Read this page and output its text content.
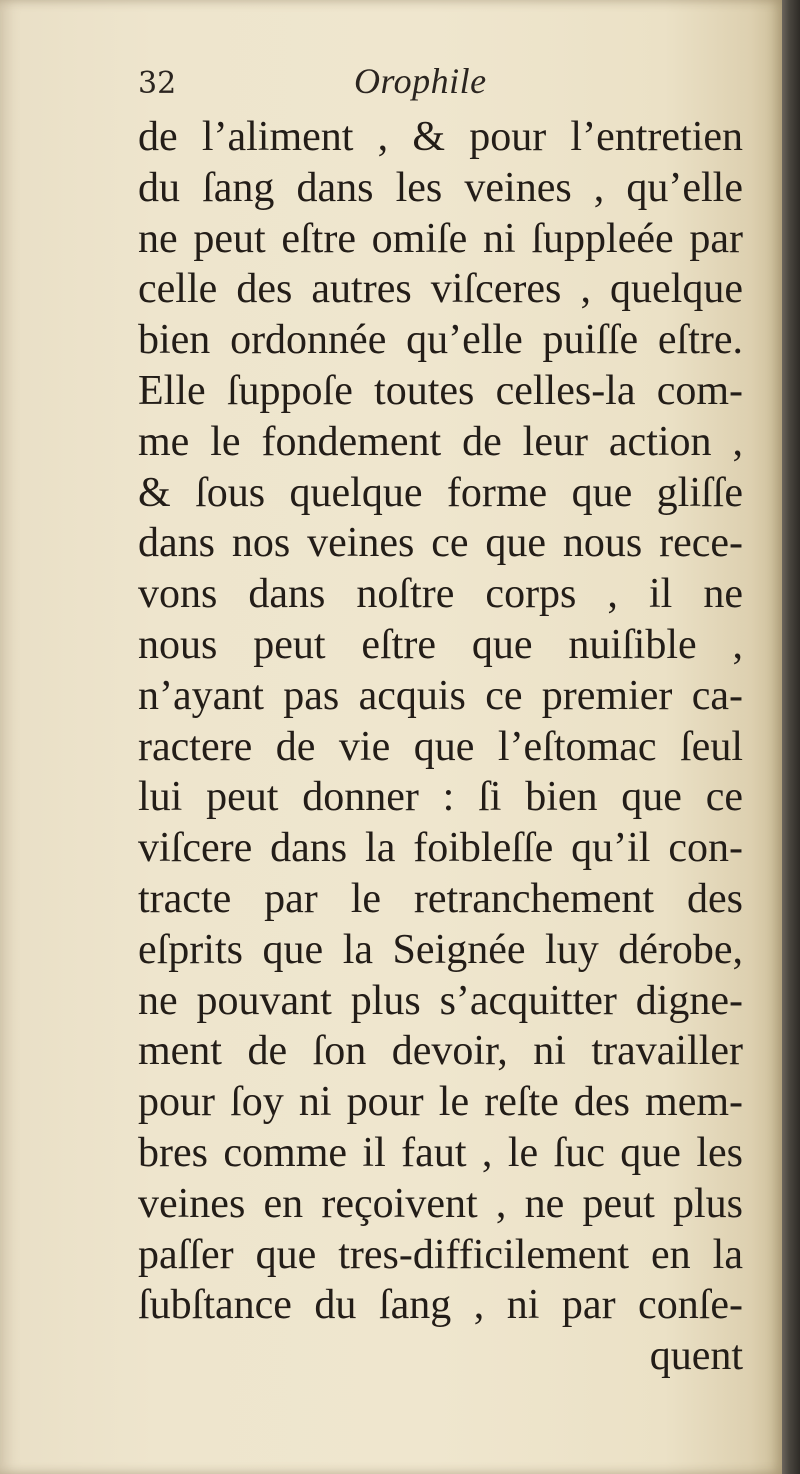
32	Orophile
de l’aliment , & pour l’entretien
du ſang dans les veines , qu’elle
ne peut eſtre omiſe ni ſuppleée par
celle des autres viſceres , quelque
bien ordonnée qu’elle puiſſe eſtre.
Elle ſuppoſe toutes celles-la com-
me le fondement de leur action ,
& ſous quelque forme que gliſſe
dans nos veines ce que nous rece-
vons dans noſtre corps , il ne
nous peut eſtre que nuiſible ,
n’ayant pas acquis ce premier ca-
ractere de vie que l’eſtomac ſeul
lui peut donner : ſi bien que ce
viſcere dans la foibleſſe qu’il con-
tracte par le retranchement des
eſprits que la Seignée luy dérobe,
ne pouvant plus s’acquitter digne-
ment de ſon devoir, ni travailler
pour ſoy ni pour le reſte des mem-
bres comme il faut , le ſuc que les
veines en reçoivent , ne peut plus
paſſer que tres-difficilement en la
ſubſtance du ſang , ni par conſe-
quent
